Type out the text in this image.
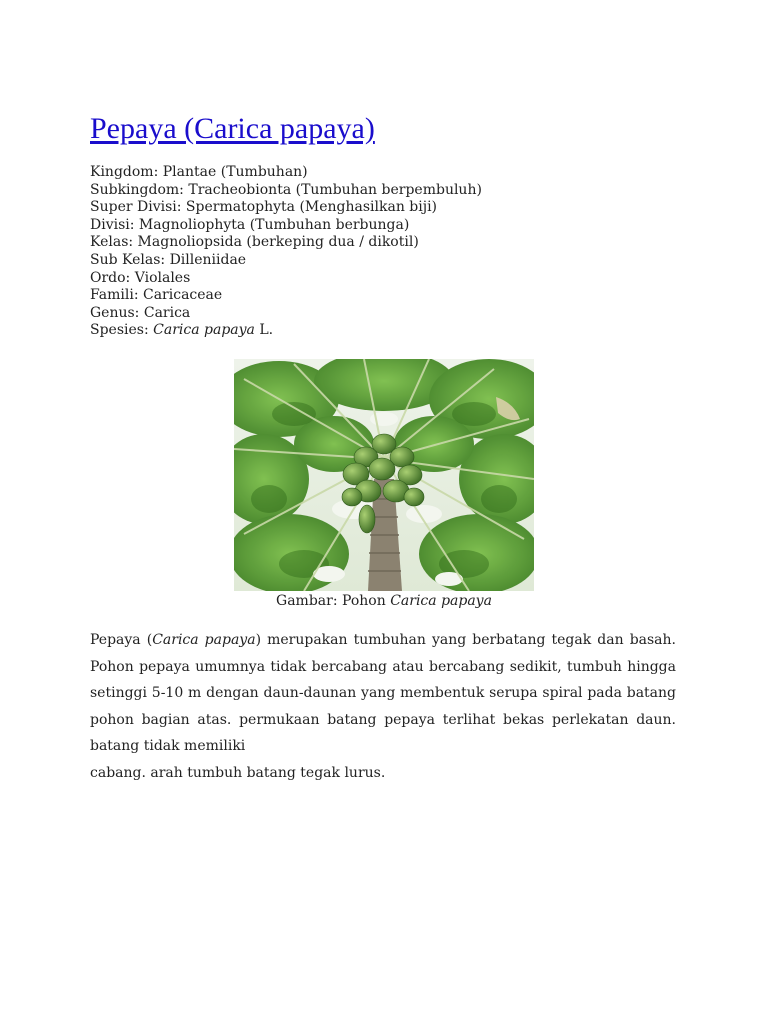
Pepaya (Carica papaya)
Kingdom: Plantae (Tumbuhan)
Subkingdom: Tracheobionta (Tumbuhan berpembuluh)
Super Divisi: Spermatophyta (Menghasilkan biji)
Divisi: Magnoliophyta (Tumbuhan berbunga)
Kelas: Magnoliopsida (berkeping dua / dikotil)
Sub Kelas: Dilleniidae
Ordo: Violales
Famili: Caricaceae
Genus: Carica
Spesies: Carica papaya L.
Gambar: Pohon Carica papaya
Pepaya (Carica papaya) merupakan tumbuhan yang berbatang tegak dan basah. Pohon pepaya umumnya tidak bercabang atau bercabang sedikit, tumbuh hingga setinggi 5-10 m dengan daun-daunan yang membentuk serupa spiral pada batang pohon bagian atas. permukaan batang pepaya terlihat bekas perlekatan daun. batang tidak memiliki
cabang. arah tumbuh batang tegak lurus.
